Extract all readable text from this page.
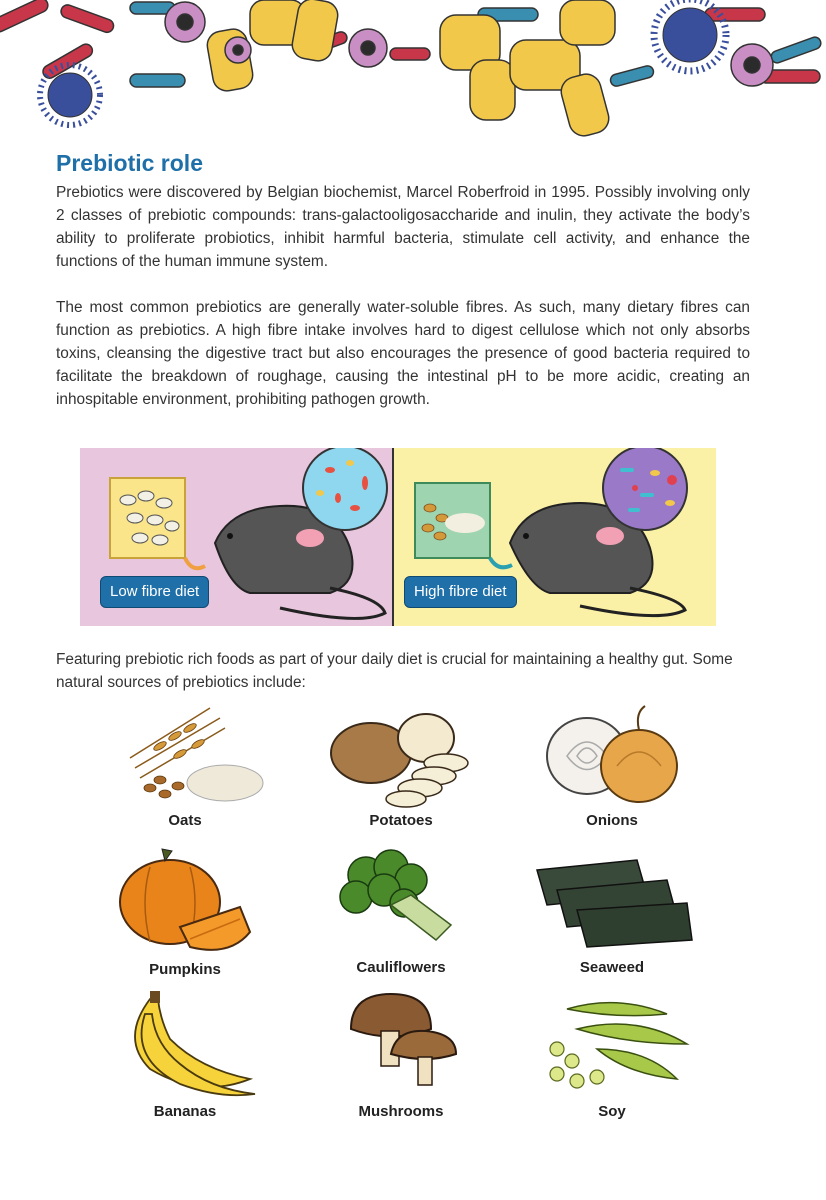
Prebiotic role

Prebiotics were discovered by Belgian biochemist, Marcel Roberfroid in 1995. Possibly involving only 2 classes of prebiotic compounds: trans-galactooligosaccharide and inulin, they activate the body’s ability to proliferate probiotics, inhibit harmful bacteria, stimulate cell activity, and enhance the functions of the human immune system.

The most common prebiotics are generally water-soluble fibres. As such, many dietary fibres can function as prebiotics. A high fibre intake involves hard to digest cellulose which not only absorbs toxins, cleansing the digestive tract but also encourages the presence of good bacteria required to facilitate the breakdown of roughage, causing the intestinal pH to be more acidic, creating an inhospitable environment, prohibiting pathogen growth.

Low fibre diet	High fibre diet

Featuring prebiotic rich foods as part of your daily diet is crucial for maintaining a healthy gut. Some natural sources of prebiotics include:

Oats	Potatoes	Onions
Pumpkins	Cauliflowers	Seaweed
Bananas	Mushrooms	Soy
